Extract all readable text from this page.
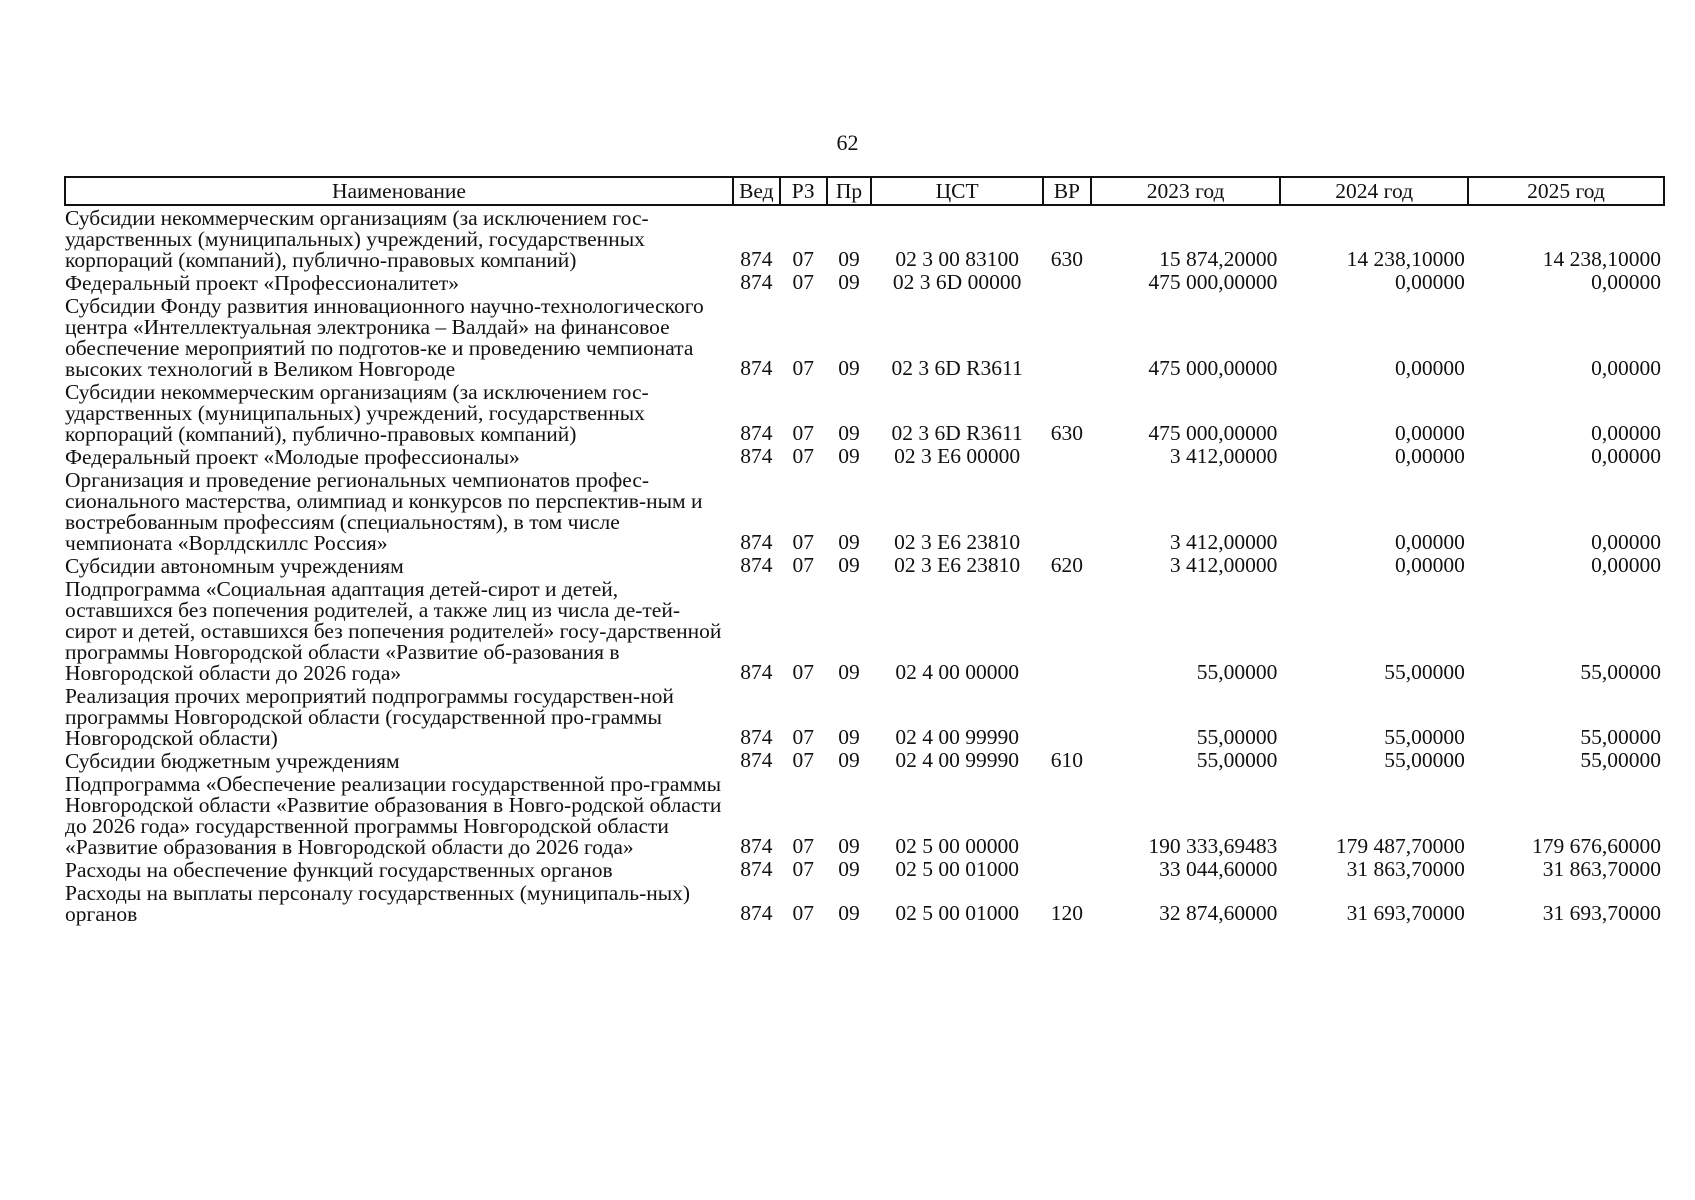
62
Наименование	Вед	РЗ	Пр	ЦСТ	ВР	2023 год	2024 год	2025 год
Субсидии некоммерческим организациям (за исключением гос-ударственных (муниципальных) учреждений, государственных корпораций (компаний), публично-правовых компаний)	874	07	09	02 3 00 83100	630	15 874,20000	14 238,10000	14 238,10000
Федеральный проект «Профессионалитет»	874	07	09	02 3 6D 00000		475 000,00000	0,00000	0,00000
Субсидии Фонду развития инновационного научно-технологического центра «Интеллектуальная электроника – Валдай» на финансовое обеспечение мероприятий по подготов-ке и проведению чемпионата высоких технологий в Великом Новгороде	874	07	09	02 3 6D R3611		475 000,00000	0,00000	0,00000
Субсидии некоммерческим организациям (за исключением гос-ударственных (муниципальных) учреждений, государственных корпораций (компаний), публично-правовых компаний)	874	07	09	02 3 6D R3611	630	475 000,00000	0,00000	0,00000
Федеральный проект «Молодые профессионалы»	874	07	09	02 3 E6 00000		3 412,00000	0,00000	0,00000
Организация и проведение региональных чемпионатов профес-сионального мастерства, олимпиад и конкурсов по перспектив-ным и востребованным профессиям (специальностям), в том числе чемпионата «Ворлдскиллс Россия»	874	07	09	02 3 E6 23810		3 412,00000	0,00000	0,00000
Субсидии автономным учреждениям	874	07	09	02 3 E6 23810	620	3 412,00000	0,00000	0,00000
Подпрограмма «Социальная адаптация детей-сирот и детей, оставшихся без попечения родителей, а также лиц из числа де-тей-сирот и детей, оставшихся без попечения родителей» госу-дарственной программы Новгородской области «Развитие об-разования в Новгородской области до 2026 года»	874	07	09	02 4 00 00000		55,00000	55,00000	55,00000
Реализация прочих мероприятий подпрограммы государствен-ной программы Новгородской области (государственной про-граммы Новгородской области)	874	07	09	02 4 00 99990		55,00000	55,00000	55,00000
Субсидии бюджетным учреждениям	874	07	09	02 4 00 99990	610	55,00000	55,00000	55,00000
Подпрограмма «Обеспечение реализации государственной про-граммы Новгородской области «Развитие образования в Новго-родской области до 2026 года» государственной программы Новгородской области «Развитие образования в Новгородской области до 2026 года»	874	07	09	02 5 00 00000		190 333,69483	179 487,70000	179 676,60000
Расходы на обеспечение функций государственных органов	874	07	09	02 5 00 01000		33 044,60000	31 863,70000	31 863,70000
Расходы на выплаты персоналу государственных (муниципаль-ных) органов	874	07	09	02 5 00 01000	120	32 874,60000	31 693,70000	31 693,70000
